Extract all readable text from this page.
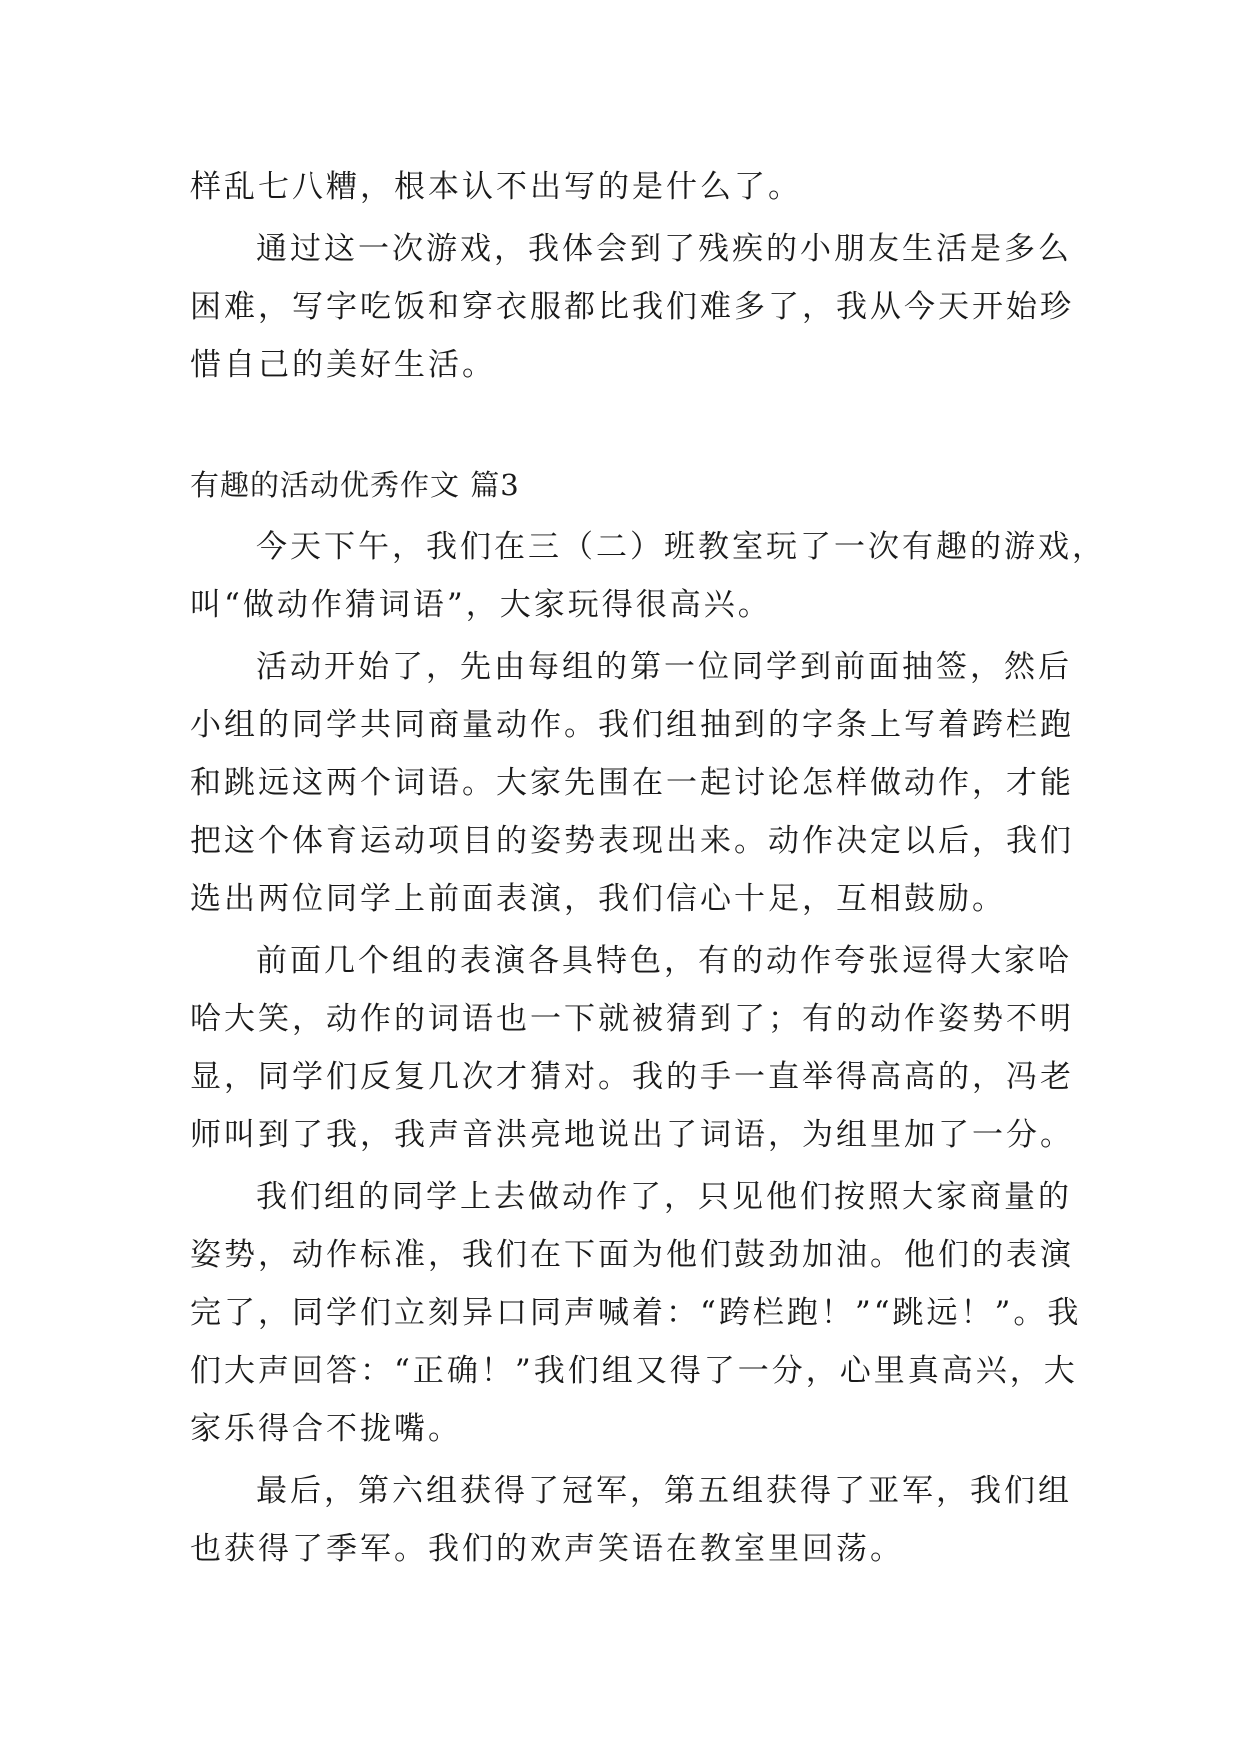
样乱七八糟，根本认不出写的是什么了。

通过这一次游戏，我体会到了残疾的小朋友生活是多么

困难，写字吃饭和穿衣服都比我们难多了，我从今天开始珍

惜自己的美好生活。

有趣的活动优秀作文 篇3

今天下午，我们在三（二）班教室玩了一次有趣的游戏，

叫“做动作猜词语”，大家玩得很高兴。

活动开始了，先由每组的第一位同学到前面抽签，然后

小组的同学共同商量动作。我们组抽到的字条上写着跨栏跑

和跳远这两个词语。大家先围在一起讨论怎样做动作，才能

把这个体育运动项目的姿势表现出来。动作决定以后，我们

选出两位同学上前面表演，我们信心十足，互相鼓励。

前面几个组的表演各具特色，有的动作夸张逗得大家哈

哈大笑，动作的词语也一下就被猜到了；有的动作姿势不明

显，同学们反复几次才猜对。我的手一直举得高高的，冯老

师叫到了我，我声音洪亮地说出了词语，为组里加了一分。

我们组的同学上去做动作了，只见他们按照大家商量的

姿势，动作标准，我们在下面为他们鼓劲加油。他们的表演

完了，同学们立刻异口同声喊着：“跨栏跑！”“跳远！”。我

们大声回答：“正确！”我们组又得了一分，心里真高兴，大

家乐得合不拢嘴。

最后，第六组获得了冠军，第五组获得了亚军，我们组

也获得了季军。我们的欢声笑语在教室里回荡。
